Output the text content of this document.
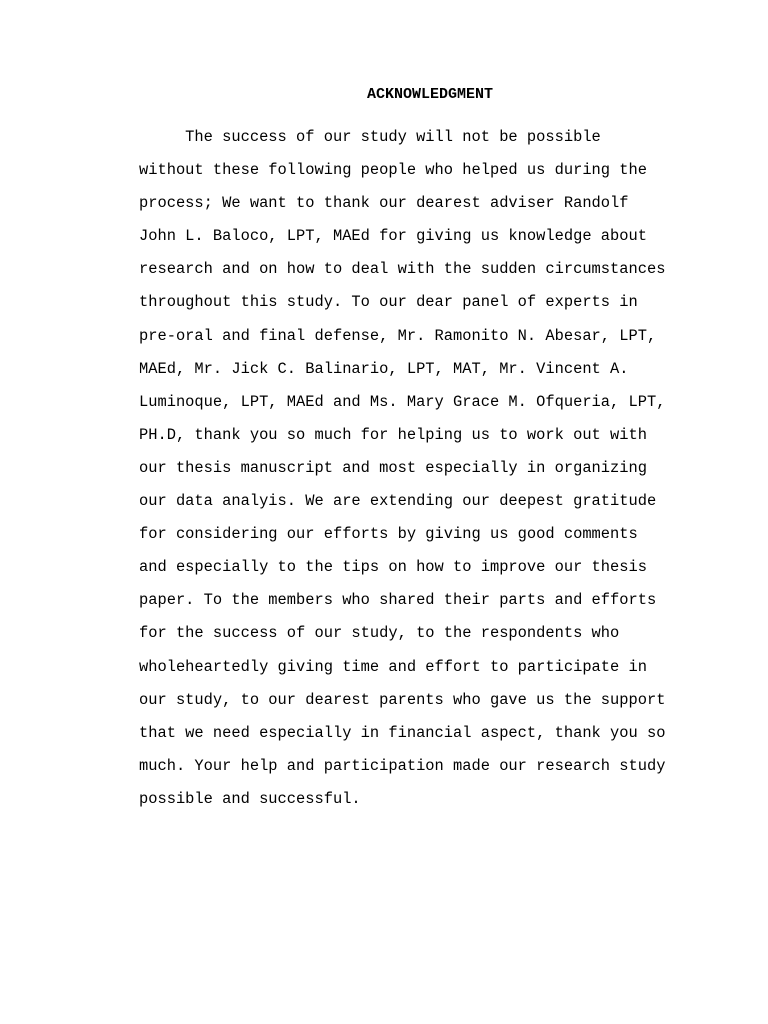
ACKNOWLEDGMENT
The success of our study will not be possible
without these following people who helped us during the
process; We want to thank our dearest adviser Randolf
John L. Baloco, LPT, MAEd for giving us knowledge about
research and on how to deal with the sudden circumstances
throughout this study. To our dear panel of experts in
pre-oral and final defense, Mr. Ramonito N. Abesar, LPT,
MAEd, Mr. Jick C. Balinario, LPT, MAT, Mr. Vincent A.
Luminoque, LPT, MAEd and Ms. Mary Grace M. Ofqueria, LPT,
PH.D, thank you so much for helping us to work out with
our thesis manuscript and most especially in organizing
our data analyis. We are extending our deepest gratitude
for considering our efforts by giving us good comments
and especially to the tips on how to improve our thesis
paper. To the members who shared their parts and efforts
for the success of our study, to the respondents who
wholeheartedly giving time and effort to participate in
our study, to our dearest parents who gave us the support
that we need especially in financial aspect, thank you so
much. Your help and participation made our research study
possible and successful.
